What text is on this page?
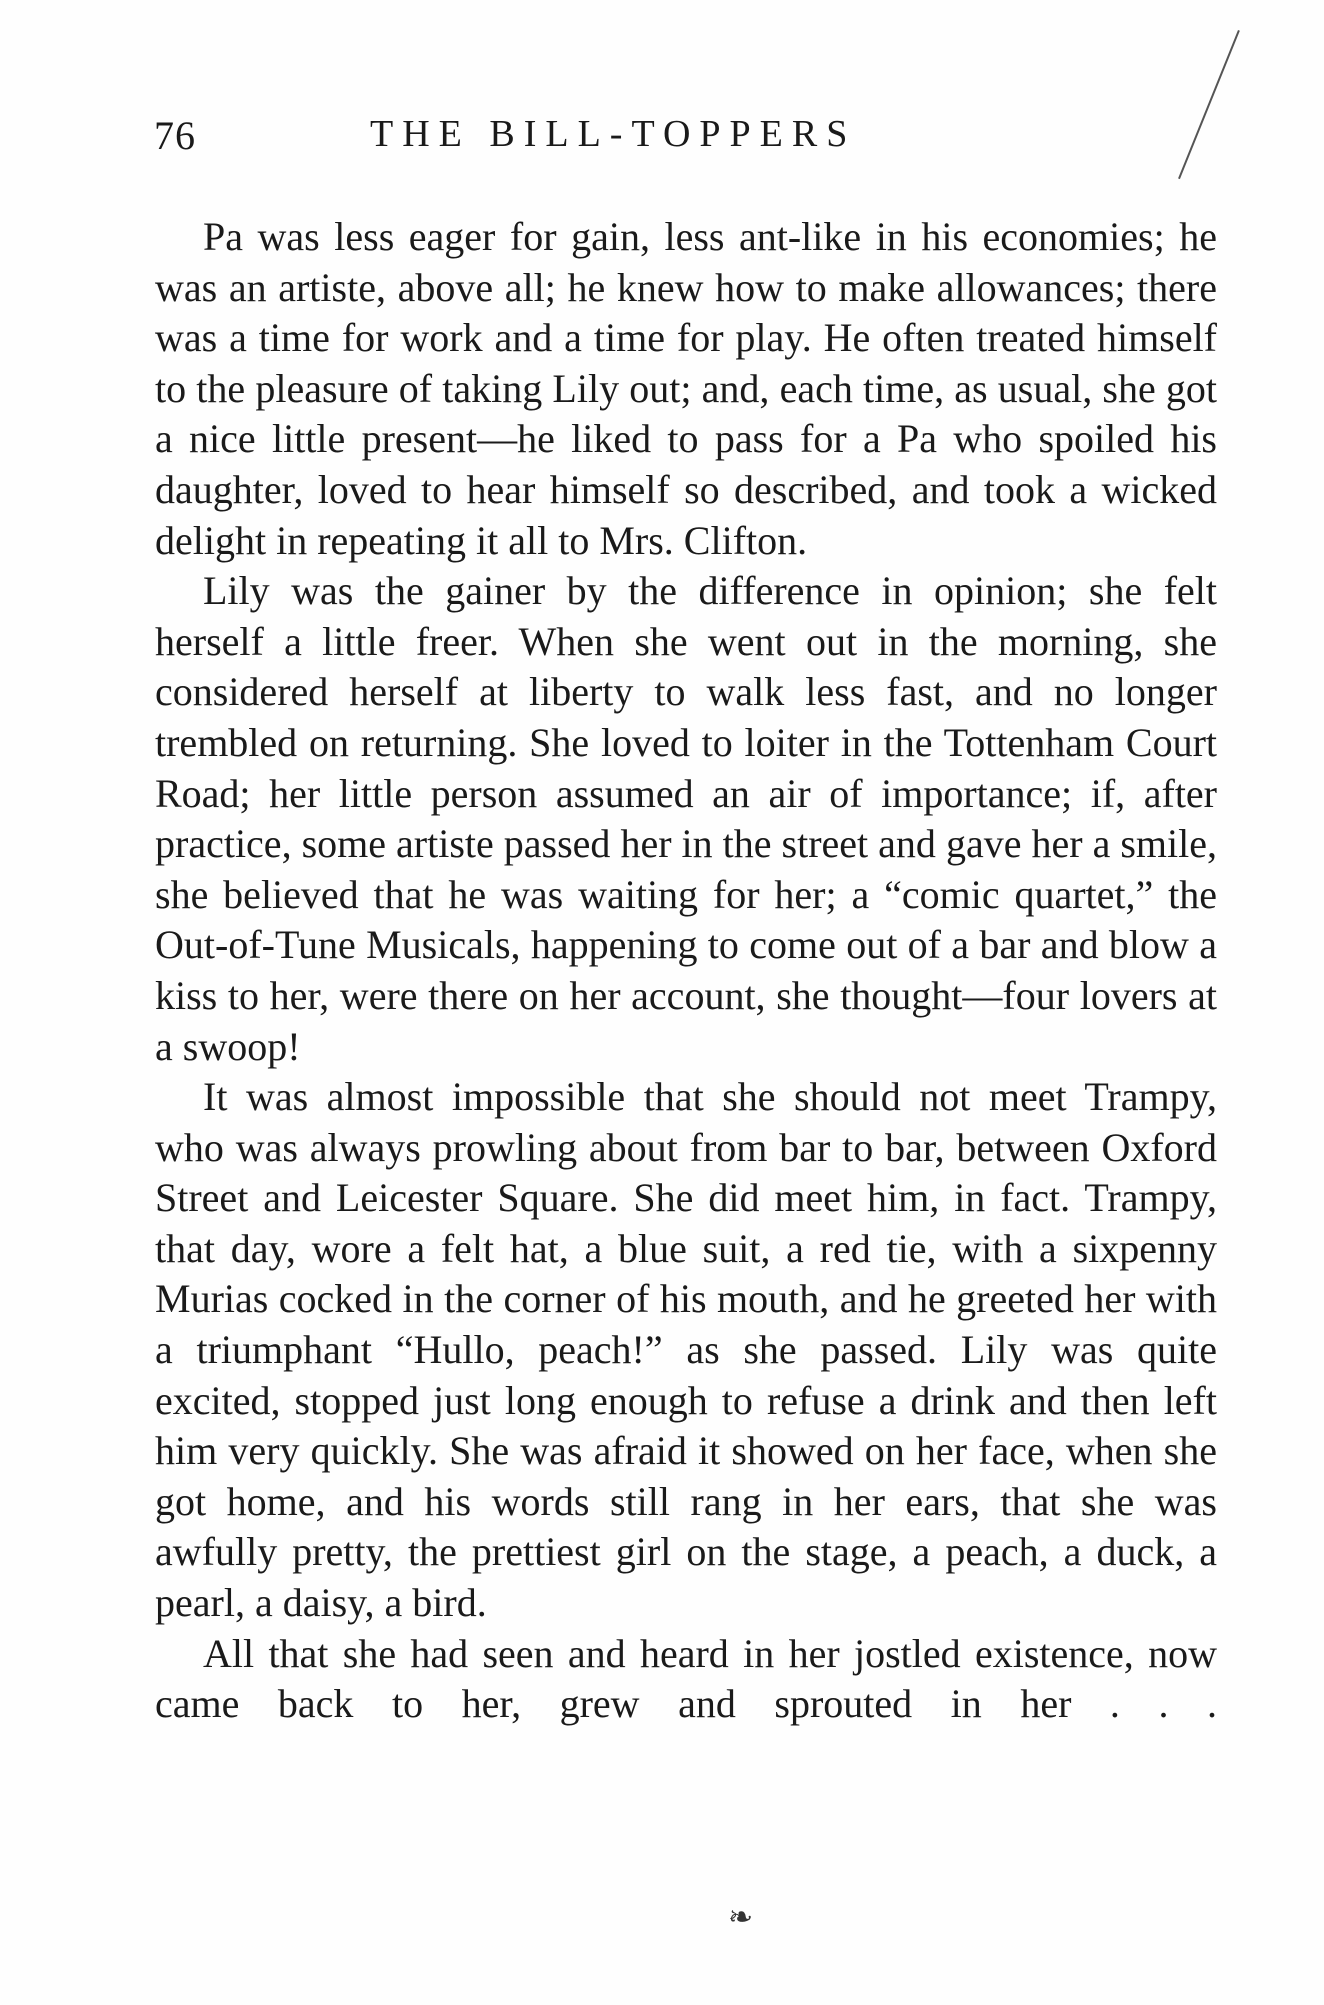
76	THE BILL-TOPPERS

Pa was less eager for gain, less ant-like in his economies; he was an artiste, above all; he knew how to make allowances; there was a time for work and a time for play. He often treated himself to the pleasure of taking Lily out; and, each time, as usual, she got a nice little present—he liked to pass for a Pa who spoiled his daughter, loved to hear himself so described, and took a wicked delight in repeating it all to Mrs. Clifton.

Lily was the gainer by the difference in opinion; she felt herself a little freer. When she went out in the morning, she considered herself at liberty to walk less fast, and no longer trembled on returning. She loved to loiter in the Tottenham Court Road; her little person assumed an air of importance; if, after practice, some artiste passed her in the street and gave her a smile, she believed that he was waiting for her; a “comic quartet,” the Out-of-Tune Musicals, happening to come out of a bar and blow a kiss to her, were there on her account, she thought—four lovers at a swoop!

It was almost impossible that she should not meet Trampy, who was always prowling about from bar to bar, between Oxford Street and Leicester Square. She did meet him, in fact. Trampy, that day, wore a felt hat, a blue suit, a red tie, with a sixpenny Murias cocked in the corner of his mouth, and he greeted her with a triumphant “Hullo, peach!” as she passed. Lily was quite excited, stopped just long enough to refuse a drink and then left him very quickly. She was afraid it showed on her face, when she got home, and his words still rang in her ears, that she was awfully pretty, the prettiest girl on the stage, a peach, a duck, a pearl, a daisy, a bird.

All that she had seen and heard in her jostled existence, now came back to her, grew and sprouted in her . . .

❧
